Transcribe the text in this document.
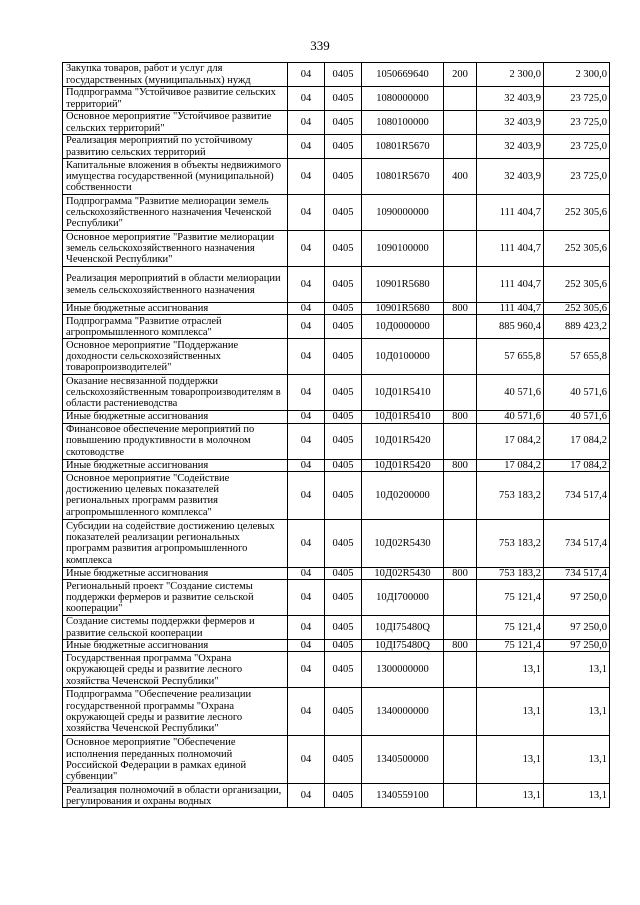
339
Закупка товаров, работ и услуг для государственных (муниципальных) нужд	04	0405	1050669640	200	2 300,0	2 300,0
Подпрограмма "Устойчивое развитие сельских территорий"	04	0405	1080000000		32 403,9	23 725,0
Основное мероприятие "Устойчивое развитие сельских территорий"	04	0405	1080100000		32 403,9	23 725,0
Реализация мероприятий по устойчивому развитию сельских территорий	04	0405	10801R5670		32 403,9	23 725,0
Капитальные вложения в объекты недвижимого имущества государственной (муниципальной) собственности	04	0405	10801R5670	400	32 403,9	23 725,0
Подпрограмма "Развитие мелиорации земель сельскохозяйственного назначения Чеченской Республики"	04	0405	1090000000		111 404,7	252 305,6
Основное мероприятие "Развитие мелиорации земель сельскохозяйственного назначения Чеченской Республики"	04	0405	1090100000		111 404,7	252 305,6
Реализация мероприятий в области мелиорации земель сельскохозяйственного назначения	04	0405	10901R5680		111 404,7	252 305,6
Иные бюджетные ассигнования	04	0405	10901R5680	800	111 404,7	252 305,6
Подпрограмма "Развитие отраслей агропромышленного комплекса"	04	0405	10Д0000000		885 960,4	889 423,2
Основное мероприятие "Поддержание доходности сельскохозяйственных товаропроизводителей"	04	0405	10Д0100000		57 655,8	57 655,8
Оказание несвязанной поддержки сельскохозяйственным товаропроизводителям в области растениеводства	04	0405	10Д01R5410		40 571,6	40 571,6
Иные бюджетные ассигнования	04	0405	10Д01R5410	800	40 571,6	40 571,6
Финансовое обеспечение мероприятий по повышению продуктивности в молочном скотоводстве	04	0405	10Д01R5420		17 084,2	17 084,2
Иные бюджетные ассигнования	04	0405	10Д01R5420	800	17 084,2	17 084,2
Основное мероприятие "Содействие достижению целевых показателей региональных программ развития агропромышленного комплекса"	04	0405	10Д0200000		753 183,2	734 517,4
Субсидии на содействие достижению целевых показателей реализации региональных программ развития агропромышленного комплекса	04	0405	10Д02R5430		753 183,2	734 517,4
Иные бюджетные ассигнования	04	0405	10Д02R5430	800	753 183,2	734 517,4
Региональный проект "Создание системы поддержки фермеров и развитие сельской кооперации"	04	0405	10ДI700000		75 121,4	97 250,0
Создание системы поддержки фермеров и развитие сельской кооперации	04	0405	10ДI75480Q		75 121,4	97 250,0
Иные бюджетные ассигнования	04	0405	10ДI75480Q	800	75 121,4	97 250,0
Государственная программа "Охрана окружающей среды и развитие лесного хозяйства Чеченской Республики"	04	0405	1300000000		13,1	13,1
Подпрограмма "Обеспечение реализации государственной программы "Охрана окружающей среды и развитие лесного хозяйства Чеченской Республики"	04	0405	1340000000		13,1	13,1
Основное мероприятие "Обеспечение исполнения переданных полномочий Российской Федерации в рамках единой субвенции"	04	0405	1340500000		13,1	13,1
Реализация полномочий в области организации, регулирования и охраны водных	04	0405	1340559100		13,1	13,1
